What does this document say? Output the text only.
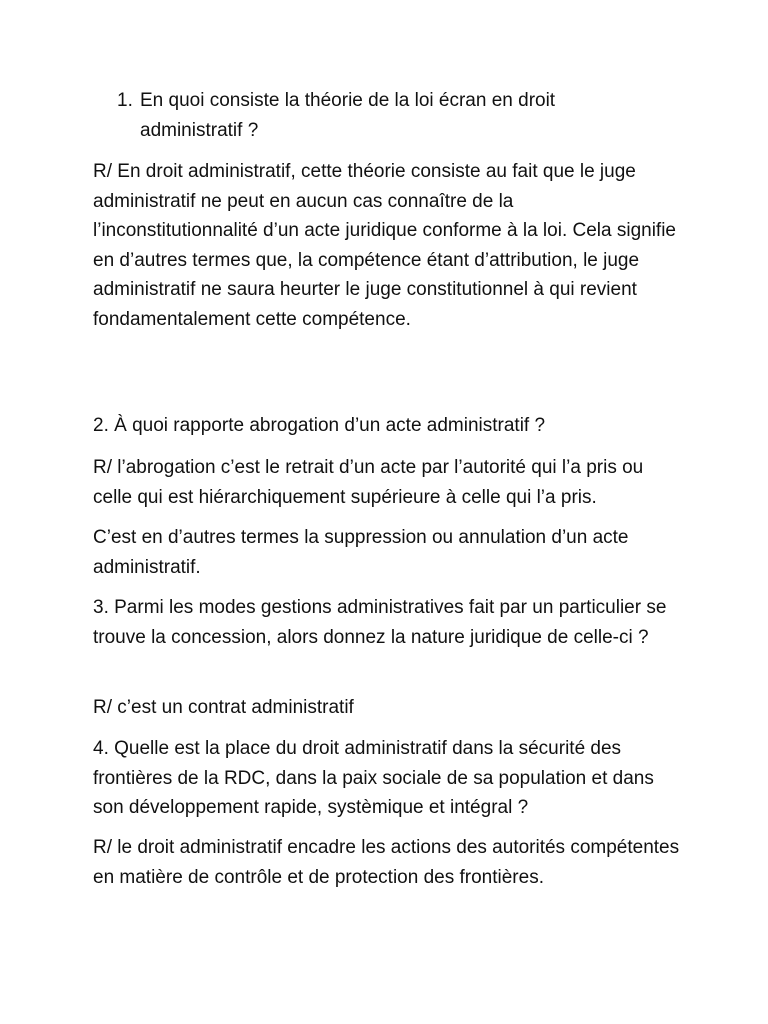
1. En quoi consiste la théorie de la loi écran en droit administratif ?

R/ En droit administratif, cette théorie consiste au fait que le juge administratif ne peut en aucun cas connaître de la l’inconstitutionnalité d’un acte juridique conforme à la loi. Cela signifie en d’autres termes que, la compétence étant d’attribution, le juge administratif ne saura heurter le juge constitutionnel à qui revient fondamentalement cette compétence.

2. À quoi rapporte abrogation d’un acte administratif ?

R/ l’abrogation c’est le retrait d’un acte par l’autorité qui l’a pris ou celle qui est hiérarchiquement supérieure à celle qui l’a pris.

C’est en d’autres termes la suppression ou annulation d’un acte administratif.

3. Parmi les modes gestions administratives fait par un particulier se trouve la concession, alors donnez la nature juridique de celle-ci ?

R/ c’est un contrat administratif

4. Quelle est la place du droit administratif dans la sécurité des frontières de la RDC, dans la paix sociale de sa population et dans son développement rapide, systèmique et intégral ?

R/ le droit administratif encadre les actions des autorités compétentes en matière de contrôle et de protection des frontières.
